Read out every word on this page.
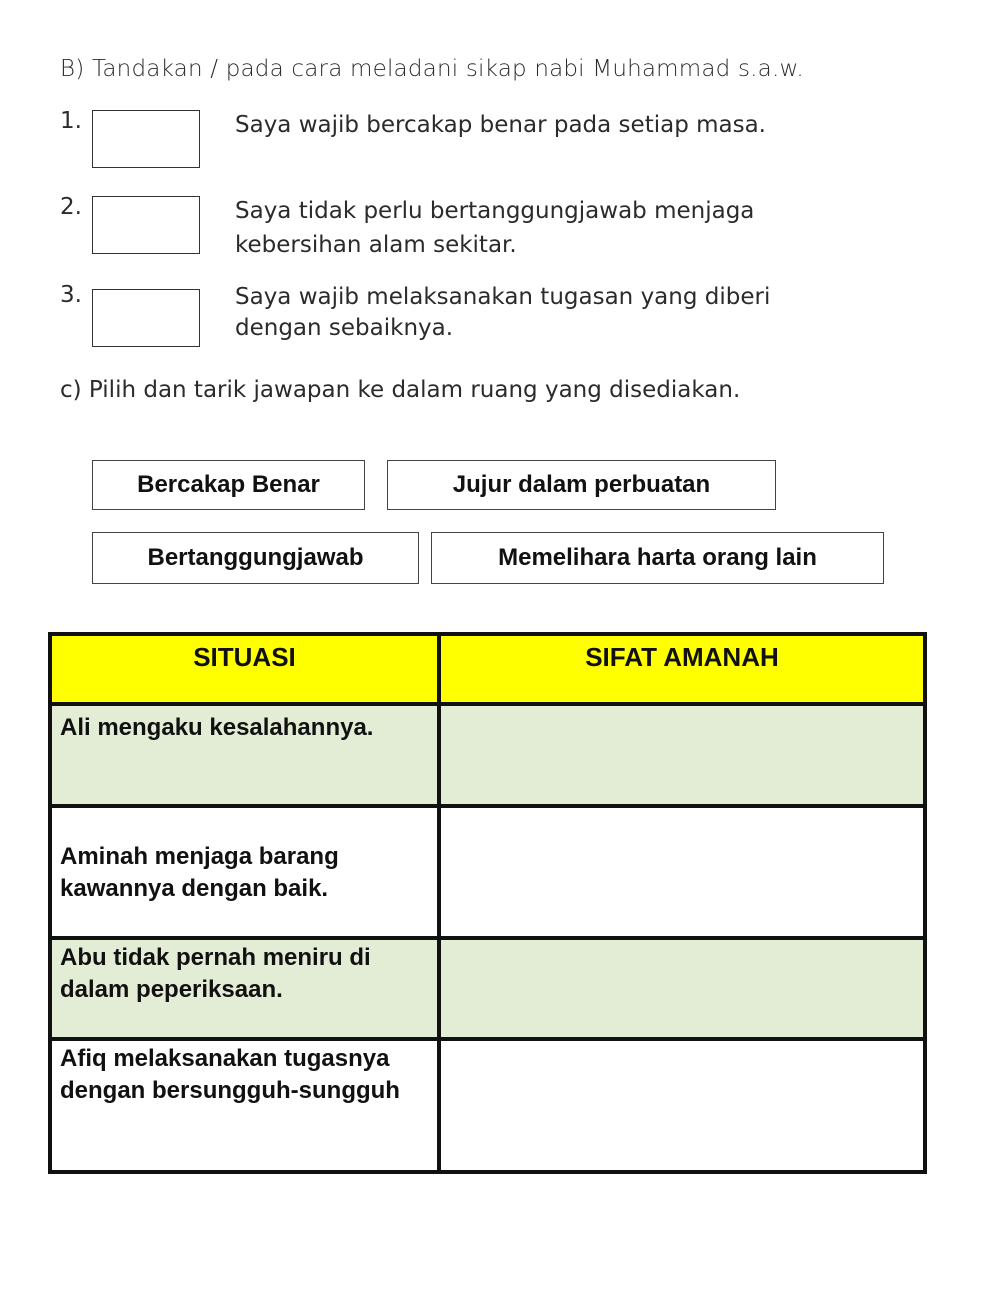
B) Tandakan / pada cara meladani sikap nabi Muhammad s.a.w.
1.	Saya wajib bercakap benar pada setiap masa.
2.	Saya tidak perlu bertanggungjawab menjaga
kebersihan alam sekitar.
3.	Saya wajib melaksanakan tugasan yang diberi
dengan sebaiknya.
c) Pilih dan tarik jawapan ke dalam ruang yang disediakan.
Bercakap Benar	Jujur dalam perbuatan
Bertanggungjawab	Memelihara harta orang lain
SITUASI	SIFAT AMANAH
Ali mengaku kesalahannya.	
Aminah menjaga barang kawannya dengan baik.	
Abu tidak pernah meniru di dalam peperiksaan.	
Afiq melaksanakan tugasnya dengan bersungguh-sungguh	
